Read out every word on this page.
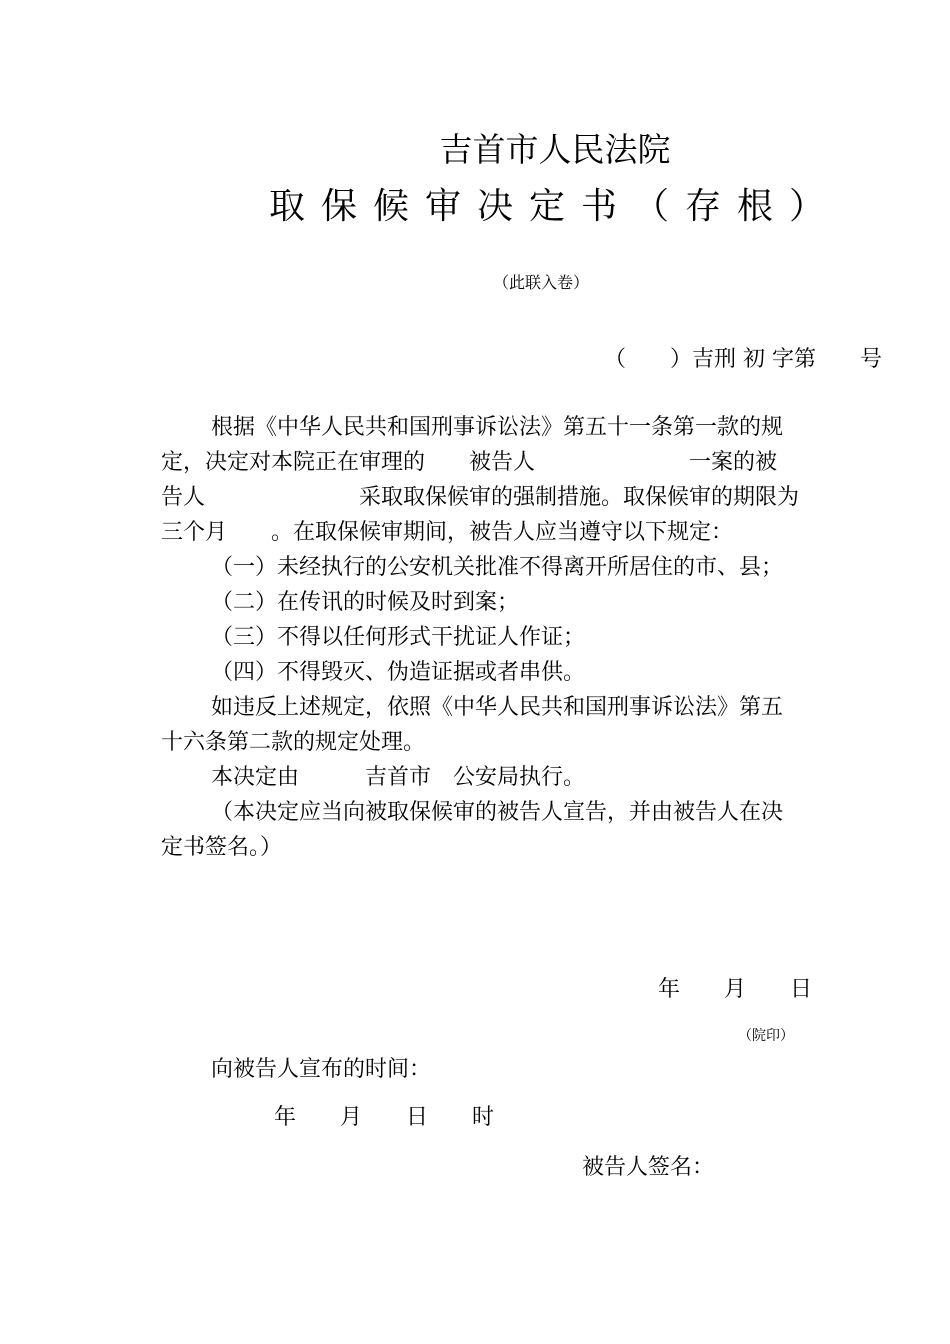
吉首市人民法院
取保候审决定书（存根）
（此联入卷）
（　　）吉刑 初 字第　　号
根据《中华人民共和国刑事诉讼法》第五十一条第一款的规
定，决定对本院正在审理的　　被告人　　　　　　　一案的被
告人　　　　　　　采取取保候审的强制措施。取保候审的期限为
三个月　　。在取保候审期间，被告人应当遵守以下规定：
（一）未经执行的公安机关批准不得离开所居住的市、县；
（二）在传讯的时候及时到案；
（三）不得以任何形式干扰证人作证；
（四）不得毁灭、伪造证据或者串供。
如违反上述规定，依照《中华人民共和国刑事诉讼法》第五
十六条第二款的规定处理。
本决定由　　　吉首市　公安局执行。
（本决定应当向被取保候审的被告人宣告，并由被告人在决
定书签名。）
年　　月　　日
（院印）
向被告人宣布的时间：
年　　月　　日　　时
被告人签名：
